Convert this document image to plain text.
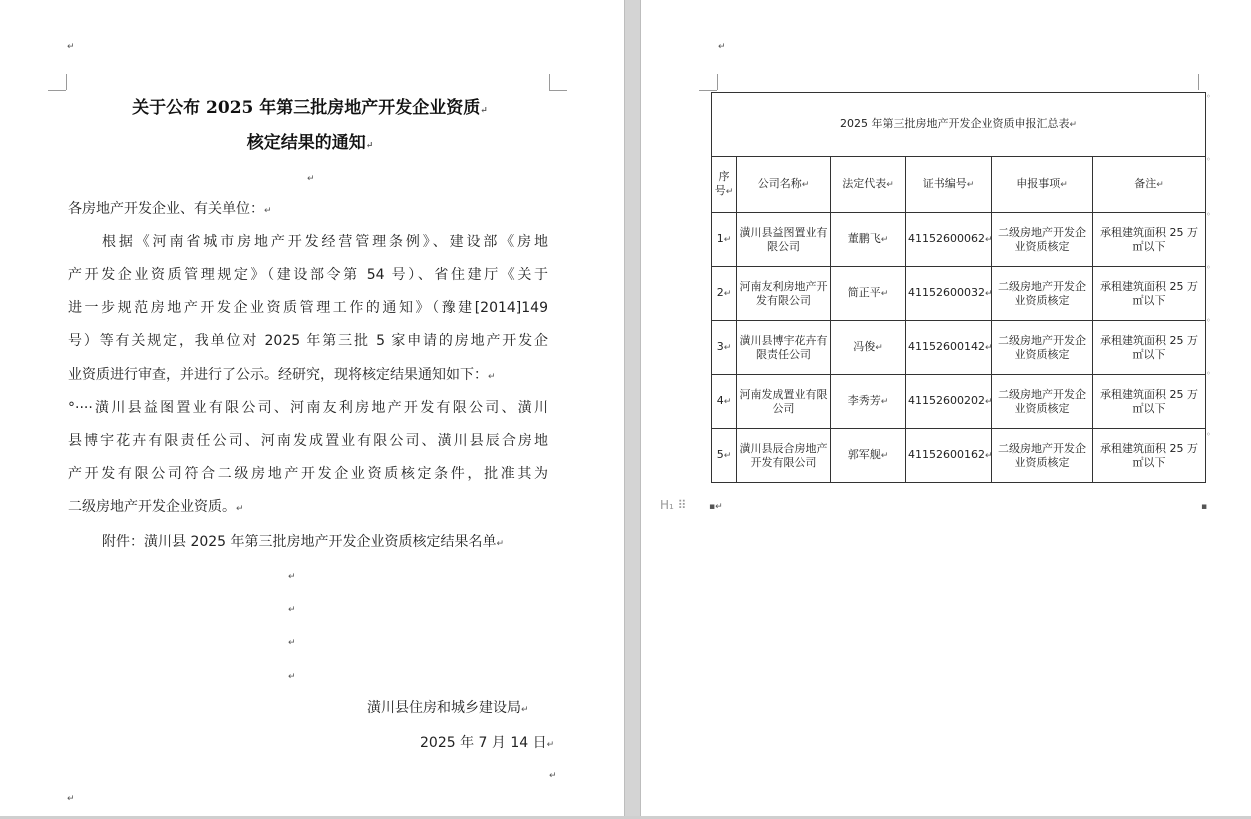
↵
关于公布 2025 年第三批房地产开发企业资质↵
核定结果的通知↵
↵
各房地产开发企业、有关单位：↵
根据《河南省城市房地产开发经营管理条例》、建设部《房地
产开发企业资质管理规定》（建设部令第 54 号）、省住建厅《关于
进一步规范房地产开发企业资质管理工作的通知》（豫建[2014]149
号）等有关规定，我单位对 2025 年第三批 5 家申请的房地产开发企
业资质进行审查，并进行了公示。经研究，现将核定结果通知如下：↵
°····潢川县益图置业有限公司、河南友利房地产开发有限公司、潢川
县博宇花卉有限责任公司、河南发成置业有限公司、潢川县辰合房地
产开发有限公司符合二级房地产开发企业资质核定条件，批准其为
二级房地产开发企业资质。↵
附件：潢川县 2025 年第三批房地产开发企业资质核定结果名单↵
↵
↵
↵
↵
潢川县住房和城乡建设局↵
2025 年 7 月 14 日↵
↵
↵
↵
2025 年第三批房地产开发企业资质申报汇总表↵					
序号↵	公司名称↵	法定代表↵	证书编号↵	申报事项↵	备注↵
1↵	潢川县益图置业有限公司	董鹏飞↵	41152600062↵	二级房地产开发企业资质核定	承租建筑面积 25 万㎡以下
2↵	河南友利房地产开发有限公司	简正平↵	41152600032↵	二级房地产开发企业资质核定	承租建筑面积 25 万㎡以下
3↵	潢川县博宇花卉有限责任公司	冯俊↵	41152600142↵	二级房地产开发企业资质核定	承租建筑面积 25 万㎡以下
4↵	河南发成置业有限公司	李秀芳↵	41152600202↵	二级房地产开发企业资质核定	承租建筑面积 25 万㎡以下
5↵	潢川县辰合房地产开发有限公司	郭军舰↵	41152600162↵	二级房地产开发企业资质核定	承租建筑面积 25 万㎡以下
◦
◦
◦
◦
◦
◦
◦
H₁ ⠿	▪↵	▪
